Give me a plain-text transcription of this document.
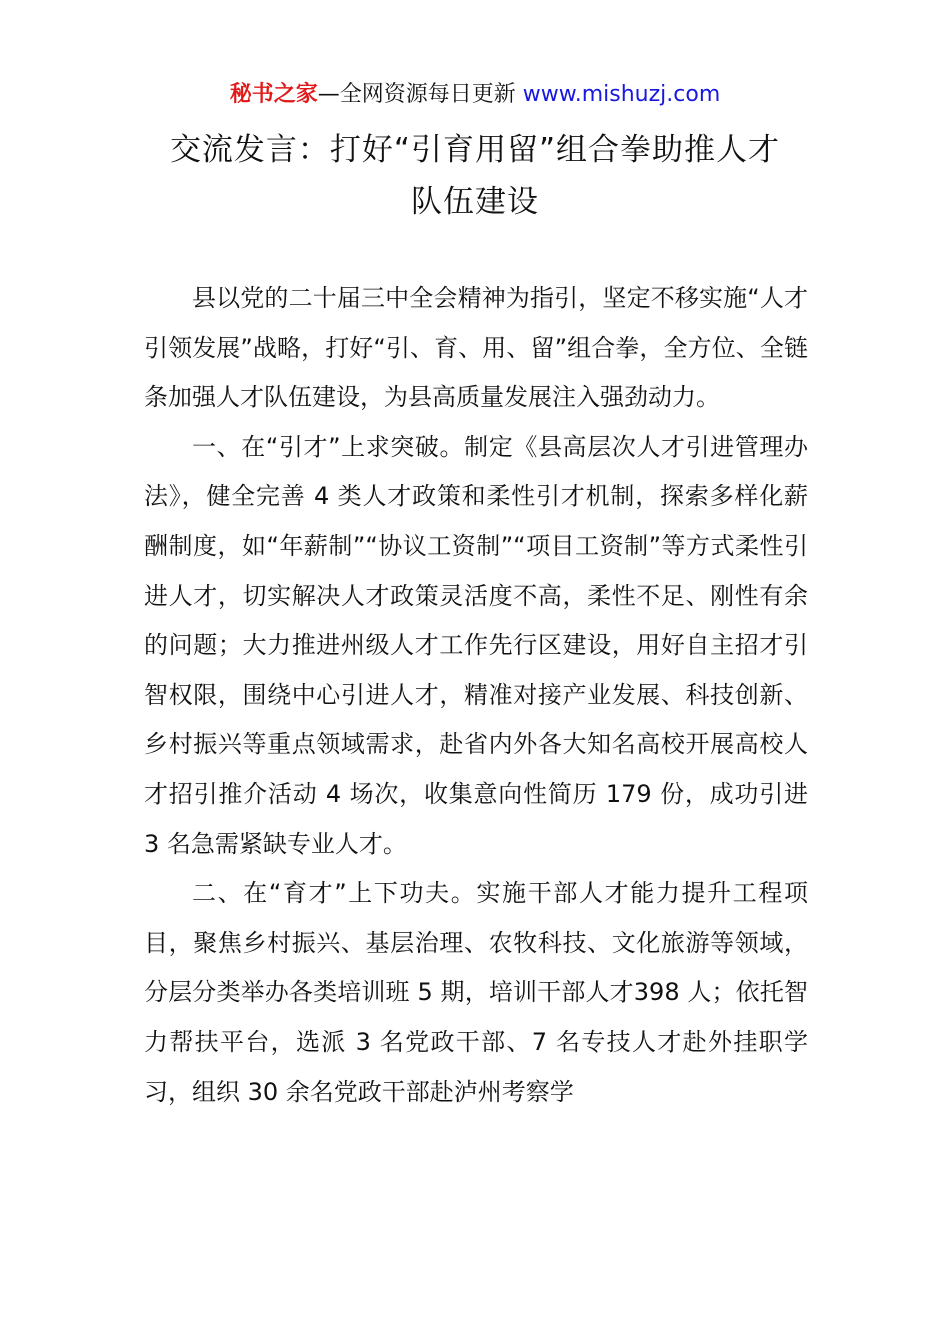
秘书之家—全网资源每日更新 www.mishuzj.com
交流发言：打好“引育用留”组合拳助推人才
队伍建设

县以党的二十届三中全会精神为指引，坚定不移实施“人才引领发展”战略，打好“引、育、用、留”组合拳，全方位、全链条加强人才队伍建设，为县高质量发展注入强劲动力。

一、在“引才”上求突破。制定《县高层次人才引进管理办法》，健全完善 4 类人才政策和柔性引才机制，探索多样化薪酬制度，如“年薪制”“协议工资制”“项目工资制”等方式柔性引进人才，切实解决人才政策灵活度不高，柔性不足、刚性有余的问题；大力推进州级人才工作先行区建设，用好自主招才引智权限，围绕中心引进人才，精准对接产业发展、科技创新、乡村振兴等重点领域需求，赴省内外各大知名高校开展高校人才招引推介活动 4 场次，收集意向性简历 179 份，成功引进 3 名急需紧缺专业人才。

二、在“育才”上下功夫。实施干部人才能力提升工程项目，聚焦乡村振兴、基层治理、农牧科技、文化旅游等领域，分层分类举办各类培训班 5 期，培训干部人才398 人；依托智力帮扶平台，选派 3 名党政干部、7 名专技人才赴外挂职学习，组织 30 余名党政干部赴泸州考察学
